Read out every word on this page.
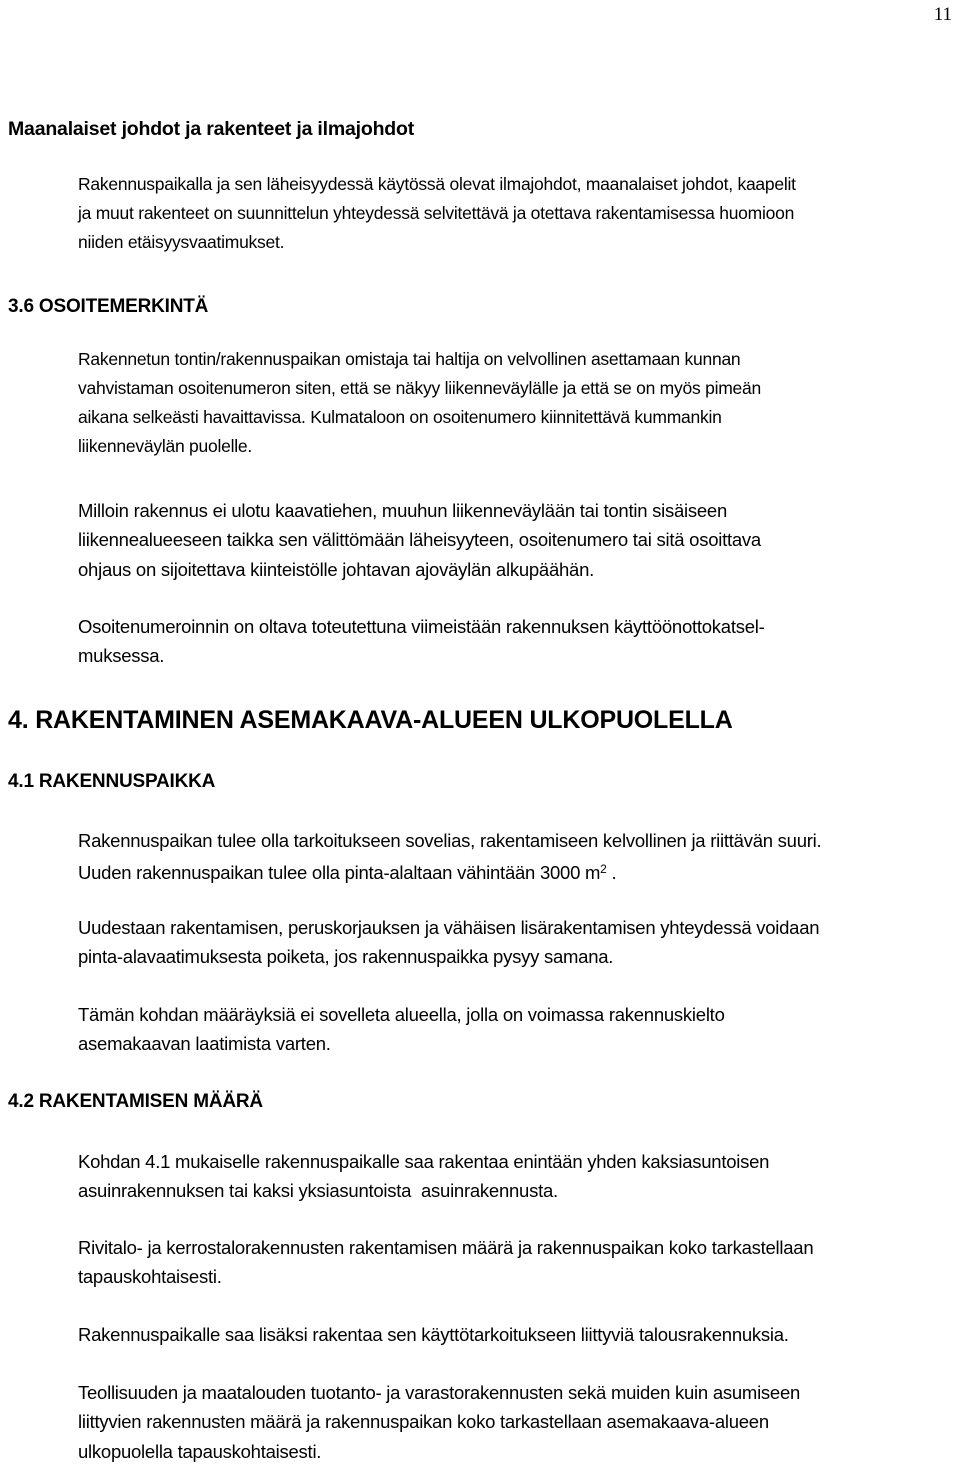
11
Maanalaiset johdot ja rakenteet ja ilmajohdot

Rakennuspaikalla ja sen läheisyydessä käytössä olevat ilmajohdot, maanalaiset johdot, kaapelit
ja muut rakenteet on suunnittelun yhteydessä selvitettävä ja otettava rakentamisessa huomioon
niiden etäisyysvaatimukset.

3.6 OSOITEMERKINTÄ

Rakennetun tontin/rakennuspaikan omistaja tai haltija on velvollinen asettamaan kunnan
vahvistaman osoitenumeron siten, että se näkyy liikenneväylälle ja että se on myös pimeän
aikana selkeästi havaittavissa. Kulmataloon on osoitenumero kiinnitettävä kummankin
liikenneväylän puolelle.

Milloin rakennus ei ulotu kaavatiehen, muuhun liikenneväylään tai tontin sisäiseen
liikennealueeseen taikka sen välittömään läheisyyteen, osoitenumero tai sitä osoittava
ohjaus on sijoitettava kiinteistölle johtavan ajoväylän alkupäähän.

Osoitenumeroinnin on oltava toteutettuna viimeistään rakennuksen käyttöönottokatsel-
muksessa.

4. RAKENTAMINEN ASEMAKAAVA-ALUEEN ULKOPUOLELLA
4.1 RAKENNUSPAIKKA

Rakennuspaikan tulee olla tarkoitukseen sovelias, rakentamiseen kelvollinen ja riittävän suuri.
Uuden rakennuspaikan tulee olla pinta-alaltaan vähintään 3000 $m^2$ .

Uudestaan rakentamisen, peruskorjauksen ja vähäisen lisärakentamisen yhteydessä voidaan
pinta-alavaatimuksesta poiketa, jos rakennuspaikka pysyy samana.

Tämän kohdan määräyksiä ei sovelleta alueella, jolla on voimassa rakennuskielto
asemakaavan laatimista varten.

4.2 RAKENTAMISEN MÄÄRÄ

Kohdan 4.1 mukaiselle rakennuspaikalle saa rakentaa enintään yhden kaksiasuntoisen
asuinrakennuksen tai kaksi yksiasuntoista  asuinrakennusta.

Rivitalo- ja kerrostalorakennusten rakentamisen määrä ja rakennuspaikan koko tarkastellaan
tapauskohtaisesti.

Rakennuspaikalle saa lisäksi rakentaa sen käyttötarkoitukseen liittyviä talousrakennuksia.

Teollisuuden ja maatalouden tuotanto- ja varastorakennusten sekä muiden kuin asumiseen
liittyvien rakennusten määrä ja rakennuspaikan koko tarkastellaan asemakaava-alueen
ulkopuolella tapauskohtaisesti.
